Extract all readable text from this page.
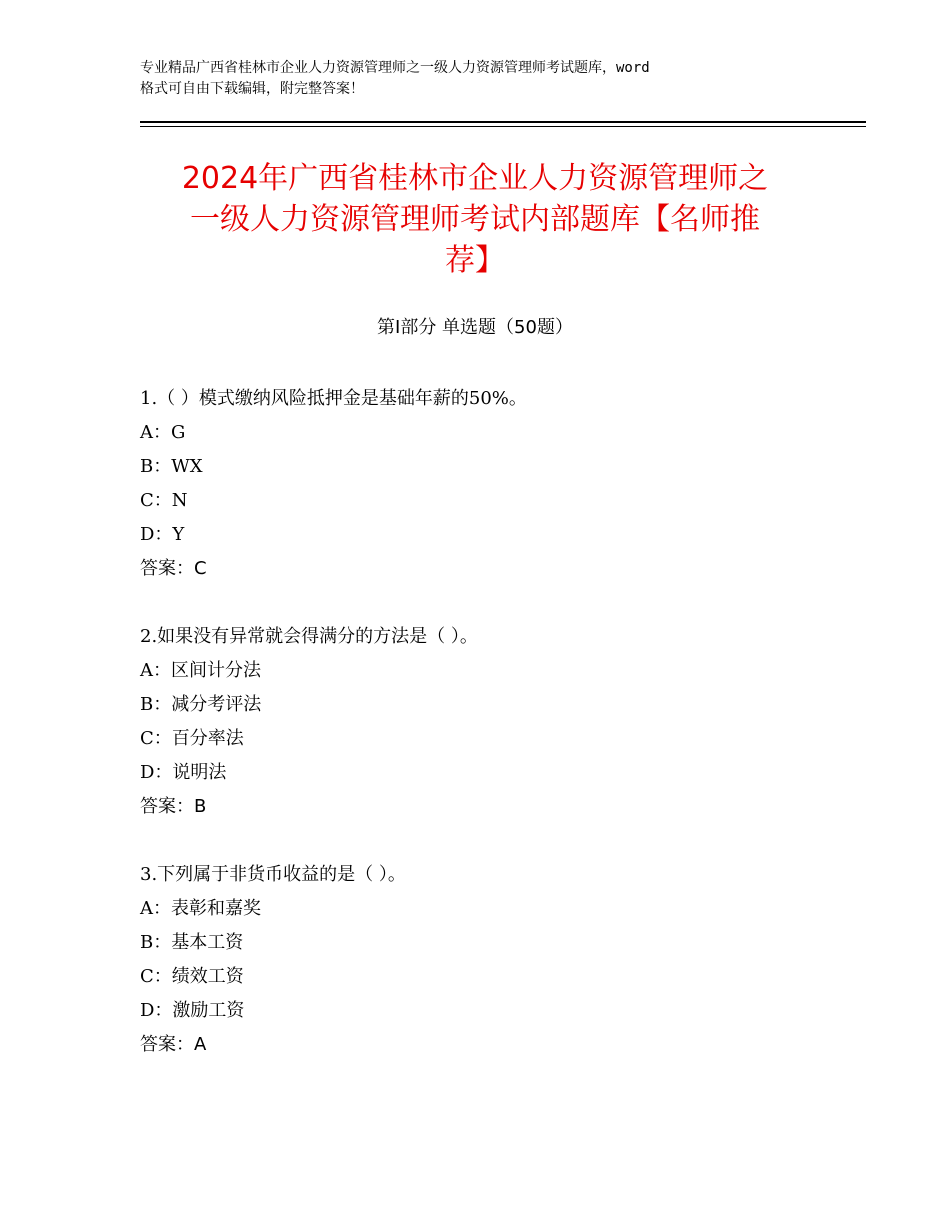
专业精品广西省桂林市企业人力资源管理师之一级人力资源管理师考试题库，word
格式可自由下载编辑，附完整答案！
2024年广西省桂林市企业人力资源管理师之
一级人力资源管理师考试内部题库【名师推
荐】
第Ⅰ部分 单选题（50题）
1.（ ）模式缴纳风险抵押金是基础年薪的50%。
A：G
B：WX
C：N
D：Y
答案：C
2.如果没有异常就会得满分的方法是（ ）。
A：区间计分法
B：减分考评法
C：百分率法
D：说明法
答案：B
3.下列属于非货币收益的是（ ）。
A：表彰和嘉奖
B：基本工资
C：绩效工资
D：激励工资
答案：A
